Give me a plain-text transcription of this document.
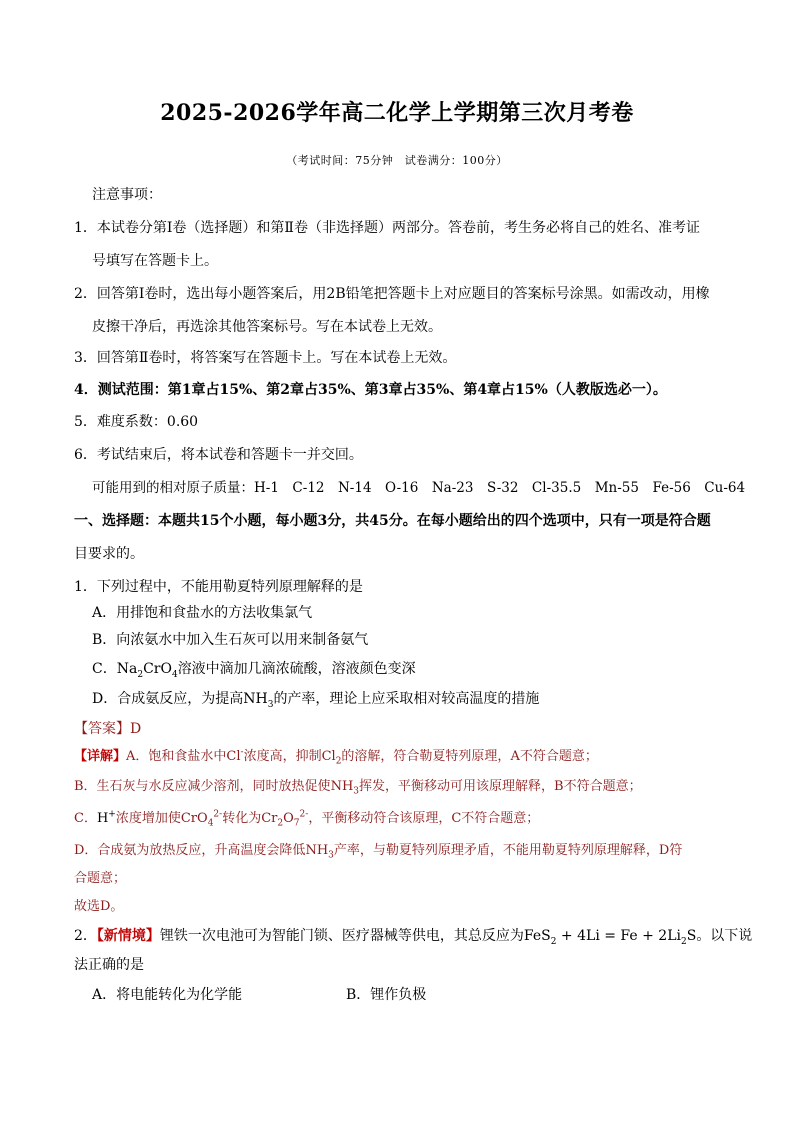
2025-2026学年高二化学上学期第三次月考卷
（考试时间：75分钟　试卷满分：100分）
注意事项：
1．本试卷分第Ⅰ卷（选择题）和第Ⅱ卷（非选择题）两部分。答卷前，考生务必将自己的姓名、准考证
号填写在答题卡上。
2．回答第Ⅰ卷时，选出每小题答案后，用2B铅笔把答题卡上对应题目的答案标号涂黑。如需改动，用橡
皮擦干净后，再选涂其他答案标号。写在本试卷上无效。
3．回答第Ⅱ卷时，将答案写在答题卡上。写在本试卷上无效。
4．测试范围：第1章占15%、第2章占35%、第3章占35%、第4章占15%（人教版选必一）。
5．难度系数：0.60
6．考试结束后，将本试卷和答题卡一并交回。
可能用到的相对原子质量：H-1　C-12　N-14　O-16　Na-23　S-32　Cl-35.5　Mn-55　Fe-56　Cu-64
一、选择题：本题共15个小题，每小题3分，共45分。在每小题给出的四个选项中，只有一项是符合题
目要求的。
1．下列过程中，不能用勒夏特列原理解释的是
A．用排饱和食盐水的方法收集氯气
B．向浓氨水中加入生石灰可以用来制备氨气
C．$Na_2CrO_4$溶液中滴加几滴浓硫酸，溶液颜色变深
D．合成氨反应，为提高$NH_3$的产率，理论上应采取相对较高温度的措施
【答案】D
【详解】A．饱和食盐水中Cl-浓度高，抑制$Cl_2$的溶解，符合勒夏特列原理，A不符合题意；
B．生石灰与水反应减少溶剂，同时放热促使$NH_3$挥发，平衡移动可用该原理解释，B不符合题意；
C．H+浓度增加使CrO$_4^{2-}$转化为$Cr_2O_7^{2-}$，平衡移动符合该原理，C不符合题意；
D．合成氨为放热反应，升高温度会降低$NH_3$产率，与勒夏特列原理矛盾，不能用勒夏特列原理解释，D符
合题意；
故选D。
2．【新情境】锂铁一次电池可为智能门锁、医疗器械等供电，其总反应为$FeS_2 + 4Li = Fe + 2Li_2S$。以下说
法正确的是
A．将电能转化为化学能	B．锂作负极
